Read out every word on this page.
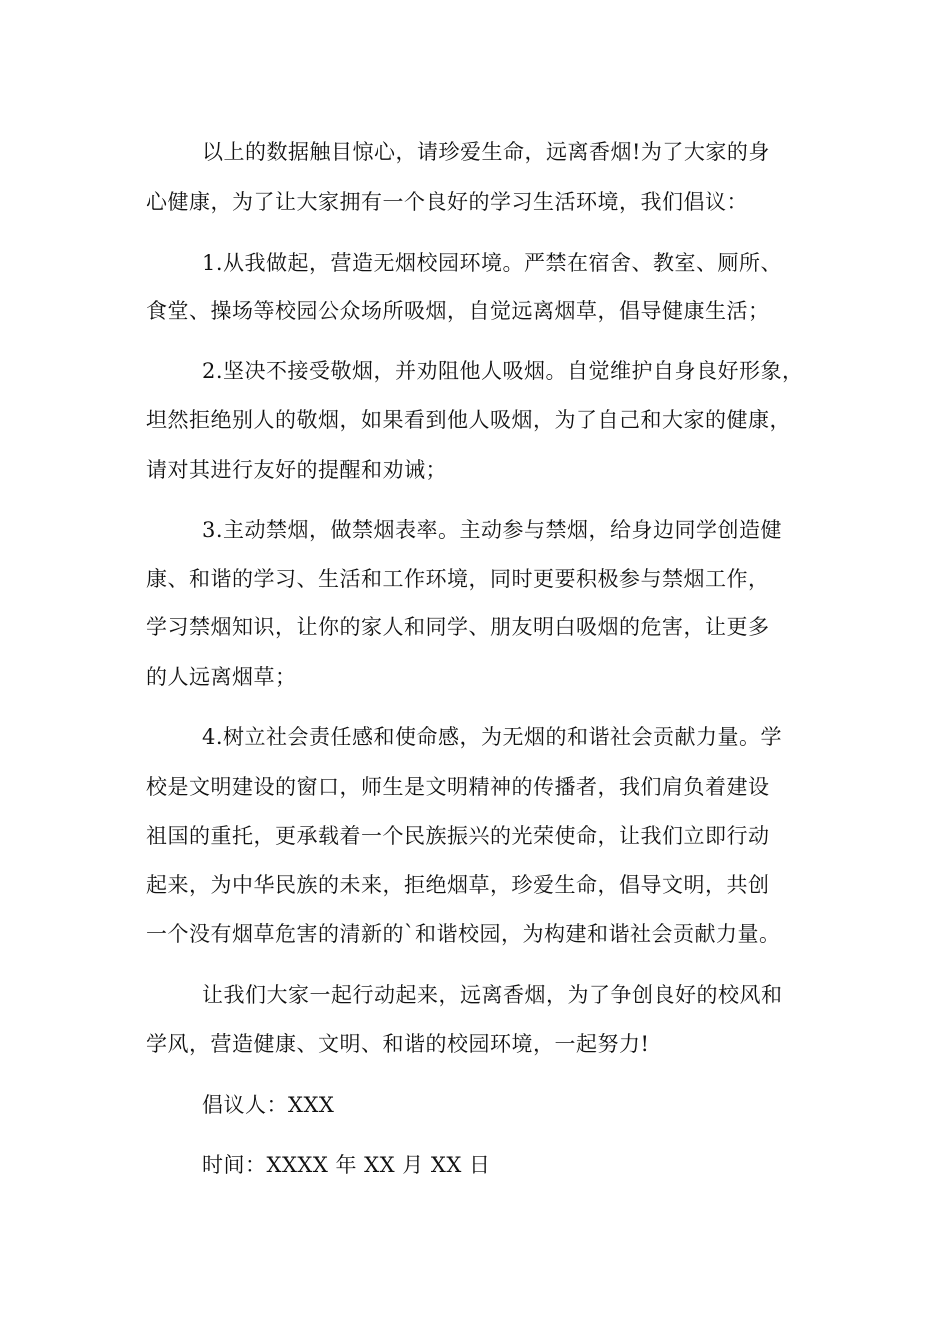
以上的数据触目惊心，请珍爱生命，远离香烟!为了大家的身
心健康，为了让大家拥有一个良好的学习生活环境，我们倡议：
1.从我做起，营造无烟校园环境。严禁在宿舍、教室、厕所、
食堂、操场等校园公众场所吸烟，自觉远离烟草，倡导健康生活；
2.坚决不接受敬烟，并劝阻他人吸烟。自觉维护自身良好形象，
坦然拒绝别人的敬烟，如果看到他人吸烟，为了自己和大家的健康，
请对其进行友好的提醒和劝诫；
3.主动禁烟，做禁烟表率。主动参与禁烟，给身边同学创造健
康、和谐的学习、生活和工作环境，同时更要积极参与禁烟工作，
学习禁烟知识，让你的家人和同学、朋友明白吸烟的危害，让更多
的人远离烟草；
4.树立社会责任感和使命感，为无烟的和谐社会贡献力量。学
校是文明建设的窗口，师生是文明精神的传播者，我们肩负着建设
祖国的重托，更承载着一个民族振兴的光荣使命，让我们立即行动
起来，为中华民族的未来，拒绝烟草，珍爱生命，倡导文明，共创
一个没有烟草危害的清新的`和谐校园，为构建和谐社会贡献力量。
让我们大家一起行动起来，远离香烟，为了争创良好的校风和
学风，营造健康、文明、和谐的校园环境，一起努力!
倡议人：XXX
时间：XXXX 年 XX 月 XX 日
